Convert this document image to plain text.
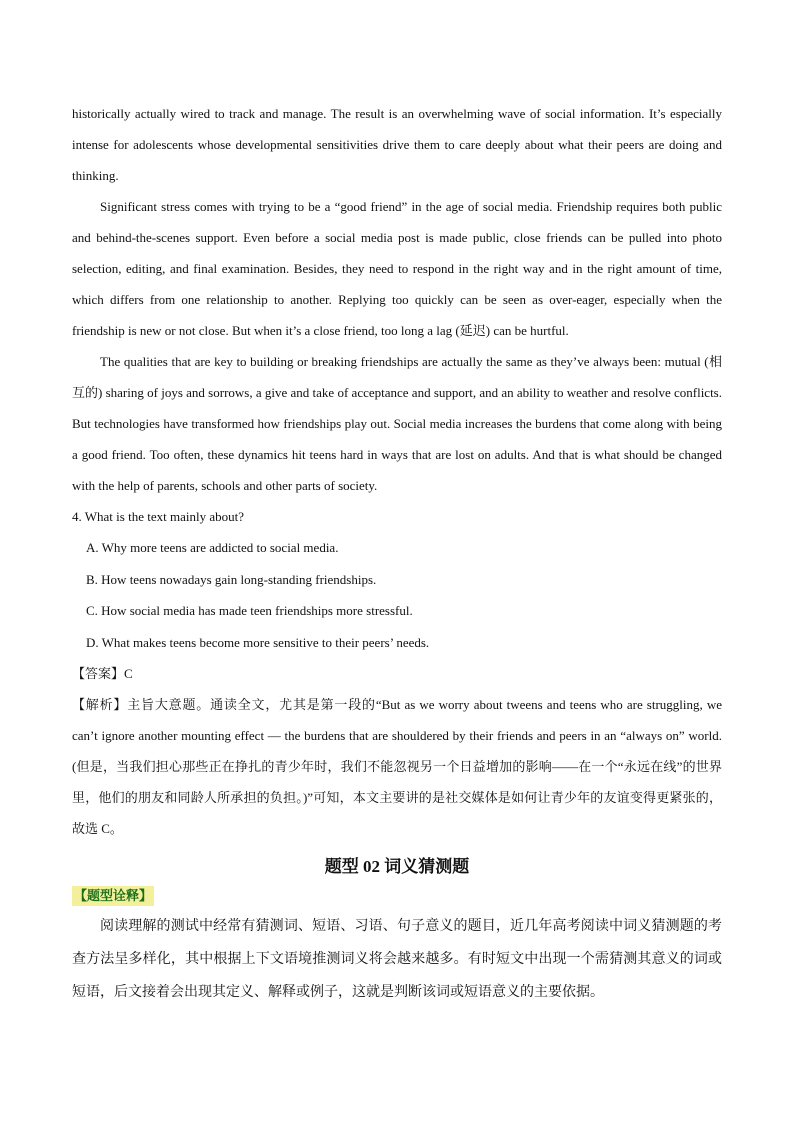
historically actually wired to track and manage. The result is an overwhelming wave of social information. It’s especially intense for adolescents whose developmental sensitivities drive them to care deeply about what their peers are doing and thinking.

Significant stress comes with trying to be a “good friend” in the age of social media. Friendship requires both public and behind-the-scenes support. Even before a social media post is made public, close friends can be pulled into photo selection, editing, and final examination. Besides, they need to respond in the right way and in the right amount of time, which differs from one relationship to another. Replying too quickly can be seen as over-eager, especially when the friendship is new or not close. But when it’s a close friend, too long a lag (延迟) can be hurtful.

The qualities that are key to building or breaking friendships are actually the same as they’ve always been: mutual (相互的) sharing of joys and sorrows, a give and take of acceptance and support, and an ability to weather and resolve conflicts. But technologies have transformed how friendships play out. Social media increases the burdens that come along with being a good friend. Too often, these dynamics hit teens hard in ways that are lost on adults. And that is what should be changed with the help of parents, schools and other parts of society.

4. What is the text mainly about?

A. Why more teens are addicted to social media.

B. How teens nowadays gain long-standing friendships.

C. How social media has made teen friendships more stressful.

D. What makes teens become more sensitive to their peers’ needs.

【答案】C

【解析】主旨大意题。通读全文，尤其是第一段的“But as we worry about tweens and teens who are struggling, we can’t ignore another mounting effect — the burdens that are shouldered by their friends and peers in an “always on” world.(但是，当我们担心那些正在挣扎的青少年时，我们不能忽视另一个日益增加的影响——在一个“永远在线”的世界里，他们的朋友和同龄人所承担的负担。)”可知，本文主要讲的是社交媒体是如何让青少年的友谊变得更紧张的，故选 C。

题型 02 词义猜测题
【题型诠释】

阅读理解的测试中经常有猜测词、短语、习语、句子意义的题目，近几年高考阅读中词义猜测题的考查方法呈多样化，其中根据上下文语境推测词义将会越来越多。有时短文中出现一个需猜测其意义的词或短语，后文接着会出现其定义、解释或例子，这就是判断该词或短语意义的主要依据。
